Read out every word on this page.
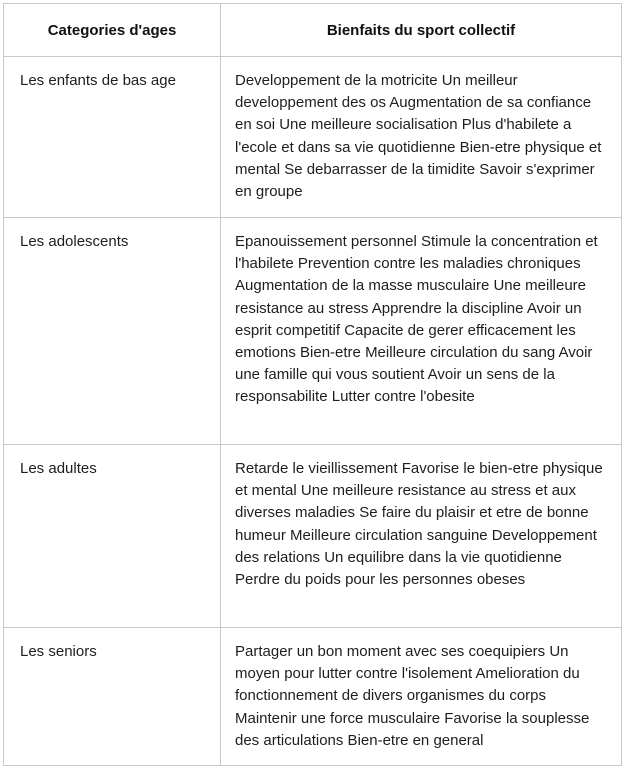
Categories d'ages	Bienfaits du sport collectif
Les enfants de bas age	Developpement de la motricite Un meilleur developpement des os Augmentation de sa confiance en soi Une meilleure socialisation Plus d'habilete a l'ecole et dans sa vie quotidienne Bien-etre physique et mental Se debarrasser de la timidite Savoir s'exprimer en groupe
Les adolescents	Epanouissement personnel Stimule la concentration et l'habilete Prevention contre les maladies chroniques Augmentation de la masse musculaire Une meilleure resistance au stress Apprendre la discipline Avoir un esprit competitif Capacite de gerer efficacement les emotions Bien-etre Meilleure circulation du sang Avoir une famille qui vous soutient Avoir un sens de la responsabilite Lutter contre l'obesite
Les adultes	Retarde le vieillissement Favorise le bien-etre physique et mental Une meilleure resistance au stress et aux diverses maladies Se faire du plaisir et etre de bonne humeur Meilleure circulation sanguine Developpement des relations Un equilibre dans la vie quotidienne Perdre du poids pour les personnes obeses
Les seniors	Partager un bon moment avec ses coequipiers Un moyen pour lutter contre l'isolement Amelioration du fonctionnement de divers organismes du corps Maintenir une force musculaire Favorise la souplesse des articulations Bien-etre en general
